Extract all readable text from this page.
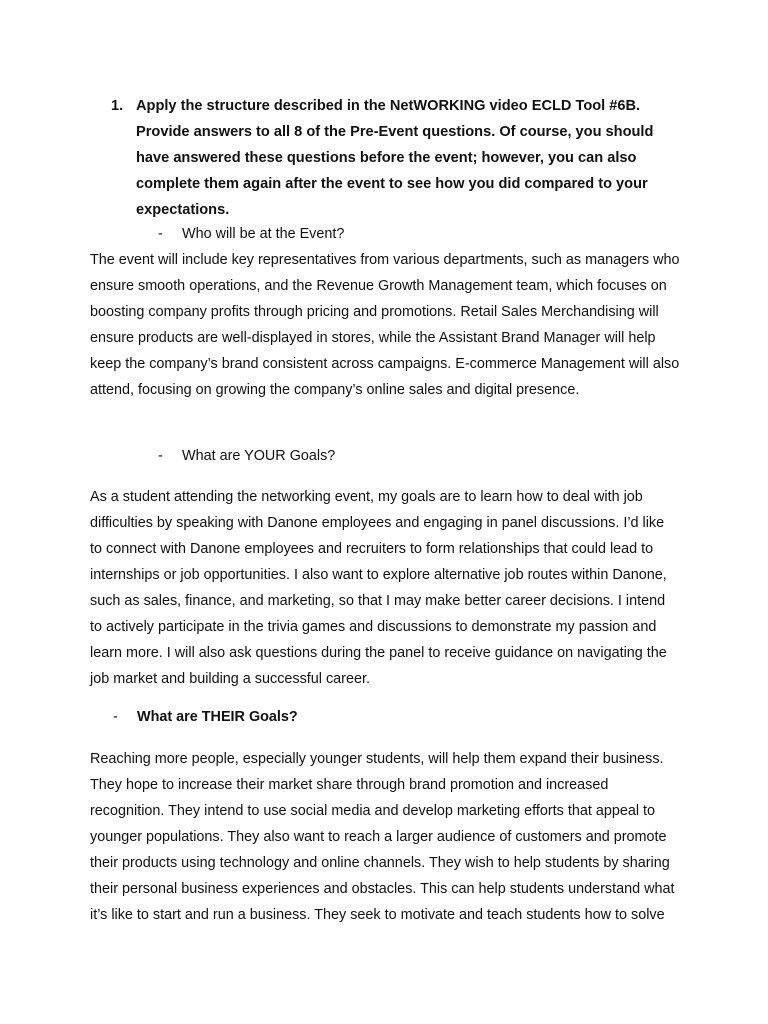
1. Apply the structure described in the NetWORKING video ECLD Tool #6B. Provide answers to all 8 of the Pre-Event questions. Of course, you should have answered these questions before the event; however, you can also complete them again after the event to see how you did compared to your expectations.
-	Who will be at the Event?

The event will include key representatives from various departments, such as managers who ensure smooth operations, and the Revenue Growth Management team, which focuses on boosting company profits through pricing and promotions. Retail Sales Merchandising will ensure products are well-displayed in stores, while the Assistant Brand Manager will help keep the company’s brand consistent across campaigns. E-commerce Management will also attend, focusing on growing the company’s online sales and digital presence.

-	What are YOUR Goals?

As a student attending the networking event, my goals are to learn how to deal with job difficulties by speaking with Danone employees and engaging in panel discussions. I’d like to connect with Danone employees and recruiters to form relationships that could lead to internships or job opportunities. I also want to explore alternative job routes within Danone, such as sales, finance, and marketing, so that I may make better career decisions. I intend to actively participate in the trivia games and discussions to demonstrate my passion and learn more. I will also ask questions during the panel to receive guidance on navigating the job market and building a successful career.

-	What are THEIR Goals?

Reaching more people, especially younger students, will help them expand their business. They hope to increase their market share through brand promotion and increased recognition. They intend to use social media and develop marketing efforts that appeal to younger populations. They also want to reach a larger audience of customers and promote their products using technology and online channels. They wish to help students by sharing their personal business experiences and obstacles. This can help students understand what it’s like to start and run a business. They seek to motivate and teach students how to solve
